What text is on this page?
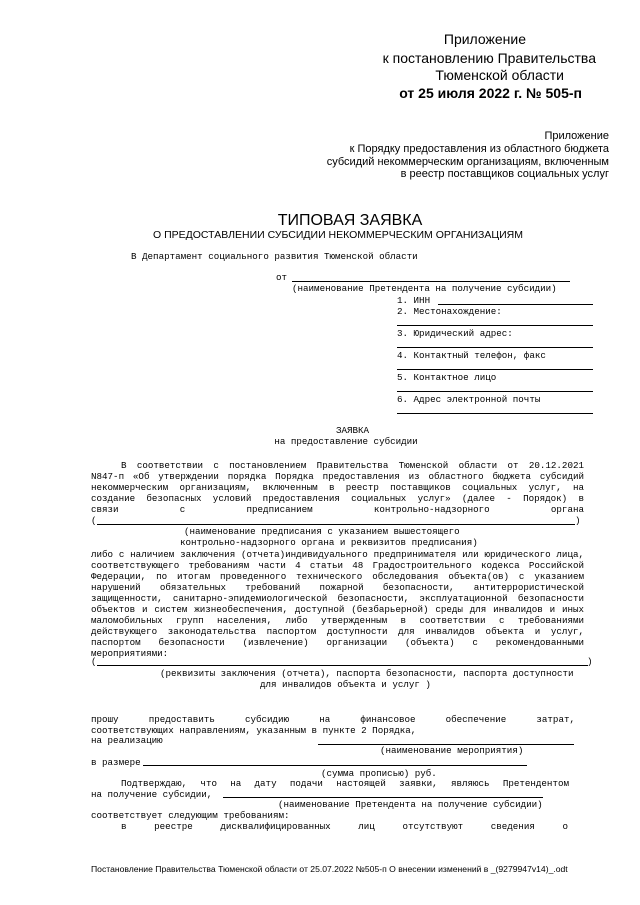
Приложение
к постановлению Правительства
Тюменской области
от 25 июля 2022 г. № 505-п
Приложение
к Порядку предоставления из областного бюджета
субсидий некоммерческим организациям, включенным
в реестр поставщиков социальных услуг
ТИПОВАЯ ЗАЯВКА
О ПРЕДОСТАВЛЕНИИ СУБСИДИИ НЕКОММЕРЧЕСКИМ ОРГАНИЗАЦИЯМ
В Департамент социального развития Тюменской области
от
(наименование Претендента на получение субсидии)
1. ИНН
2. Местонахождение:
3. Юридический адрес:
4. Контактный телефон, факс
5. Контактное лицо
6. Адрес электронной почты
ЗАЯВКА
на предоставление субсидии
В соответствии с постановлением Правительства Тюменской области от 20.12.2021
N847-п «Об утверждении порядка Порядка предоставления из областного бюджета субсидий
некоммерческим организациям, включенным в реестр поставщиков социальных услуг, на
создание безопасных условий предоставления социальных услуг» (далее - Порядок) в
связи с предписанием контрольно-надзорного органа
(	)
(наименование предписания с указанием вышестоящего
контрольно-надзорного органа и реквизитов предписания)
либо с наличием заключения (отчета)индивидуального предпринимателя или юридического лица,
соответствующего требованиям части 4 статьи 48 Градостроительного кодекса Российской
Федерации, по итогам проведенного технического обследования объекта(ов) с указанием
нарушений обязательных требований пожарной безопасности, антитеррористической
защищенности, санитарно-эпидемиологической безопасности, эксплуатационной безопасности
объектов и систем жизнеобеспечения, доступной (безбарьерной) среды для инвалидов и иных
маломобильных групп населения, либо утвержденным в соответствии с требованиями
действующего законодательства паспортом доступности для инвалидов объекта и услуг,
паспортом безопасности (извлечение) организации (объекта) с рекомендованными
мероприятиями:
(	)
(реквизиты заключения (отчета), паспорта безопасности, паспорта доступности
для инвалидов объекта и услуг )
прошу предоставить субсидию на финансовое обеспечение затрат,
соответствующих направлениям, указанным в пункте 2 Порядка,
на реализацию
(наименование мероприятия)
в размере
(сумма прописью) руб.
Подтверждаю, что на дату подачи настоящей заявки, являюсь Претендентом
на получение субсидии,
(наименование Претендента на получение субсидии)
соответствует следующим требованиям:
в реестре дисквалифицированных лиц отсутствуют сведения о
Постановление Правительства Тюменской области от 25.07.2022 №505-п О внесении изменений в _(9279947v14)_.odt
